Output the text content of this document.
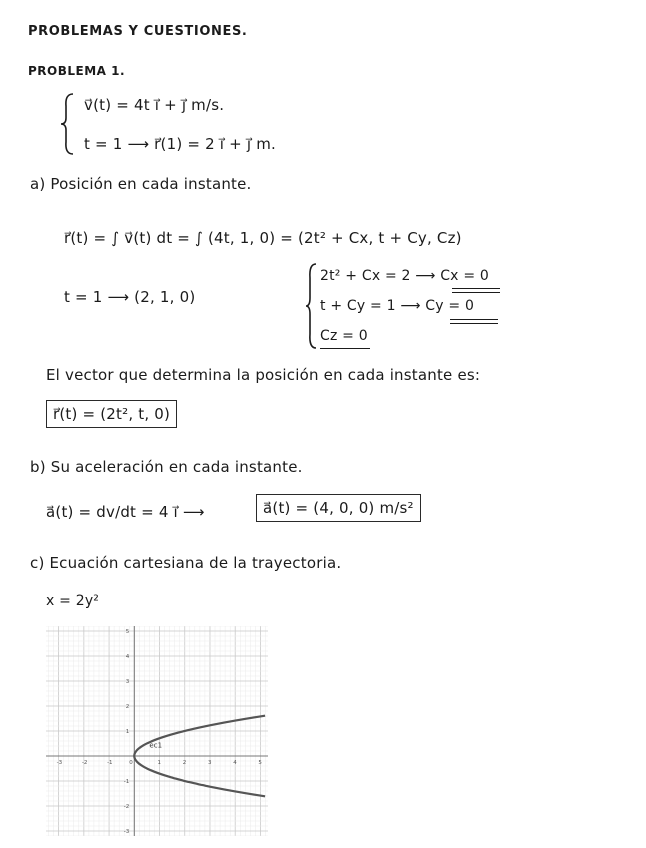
PROBLEMAS Y CUESTIONES.
PROBLEMA 1.
v⃗(t) = 4t i⃗ + j⃗ m/s.
t = 1 ⟶ r⃗(1) = 2 i⃗ + j⃗ m.
a) Posición en cada instante.
r⃗(t) = ∫ v⃗(t) dt = ∫ (4t, 1, 0) = (2t² + Cx, t + Cy, Cz)
t = 1 ⟶ (2, 1, 0)
2t² + Cx = 2 ⟶ Cx = 0
t + Cy = 1 ⟶ Cy = 0
Cz = 0
El vector que determina la posición en cada instante es:
r⃗(t) = (2t², t, 0)
b) Su aceleración en cada instante.
a⃗(t) = dv/dt = 4 i⃗ ⟶	a⃗(t) = (4, 0, 0) m/s²
c) Ecuación cartesiana de la trayectoria.
x = 2y²
-3	-2	-1	0	1	2	3	4	5
-3
-2
-1
1
2
3
4
5
ec1
